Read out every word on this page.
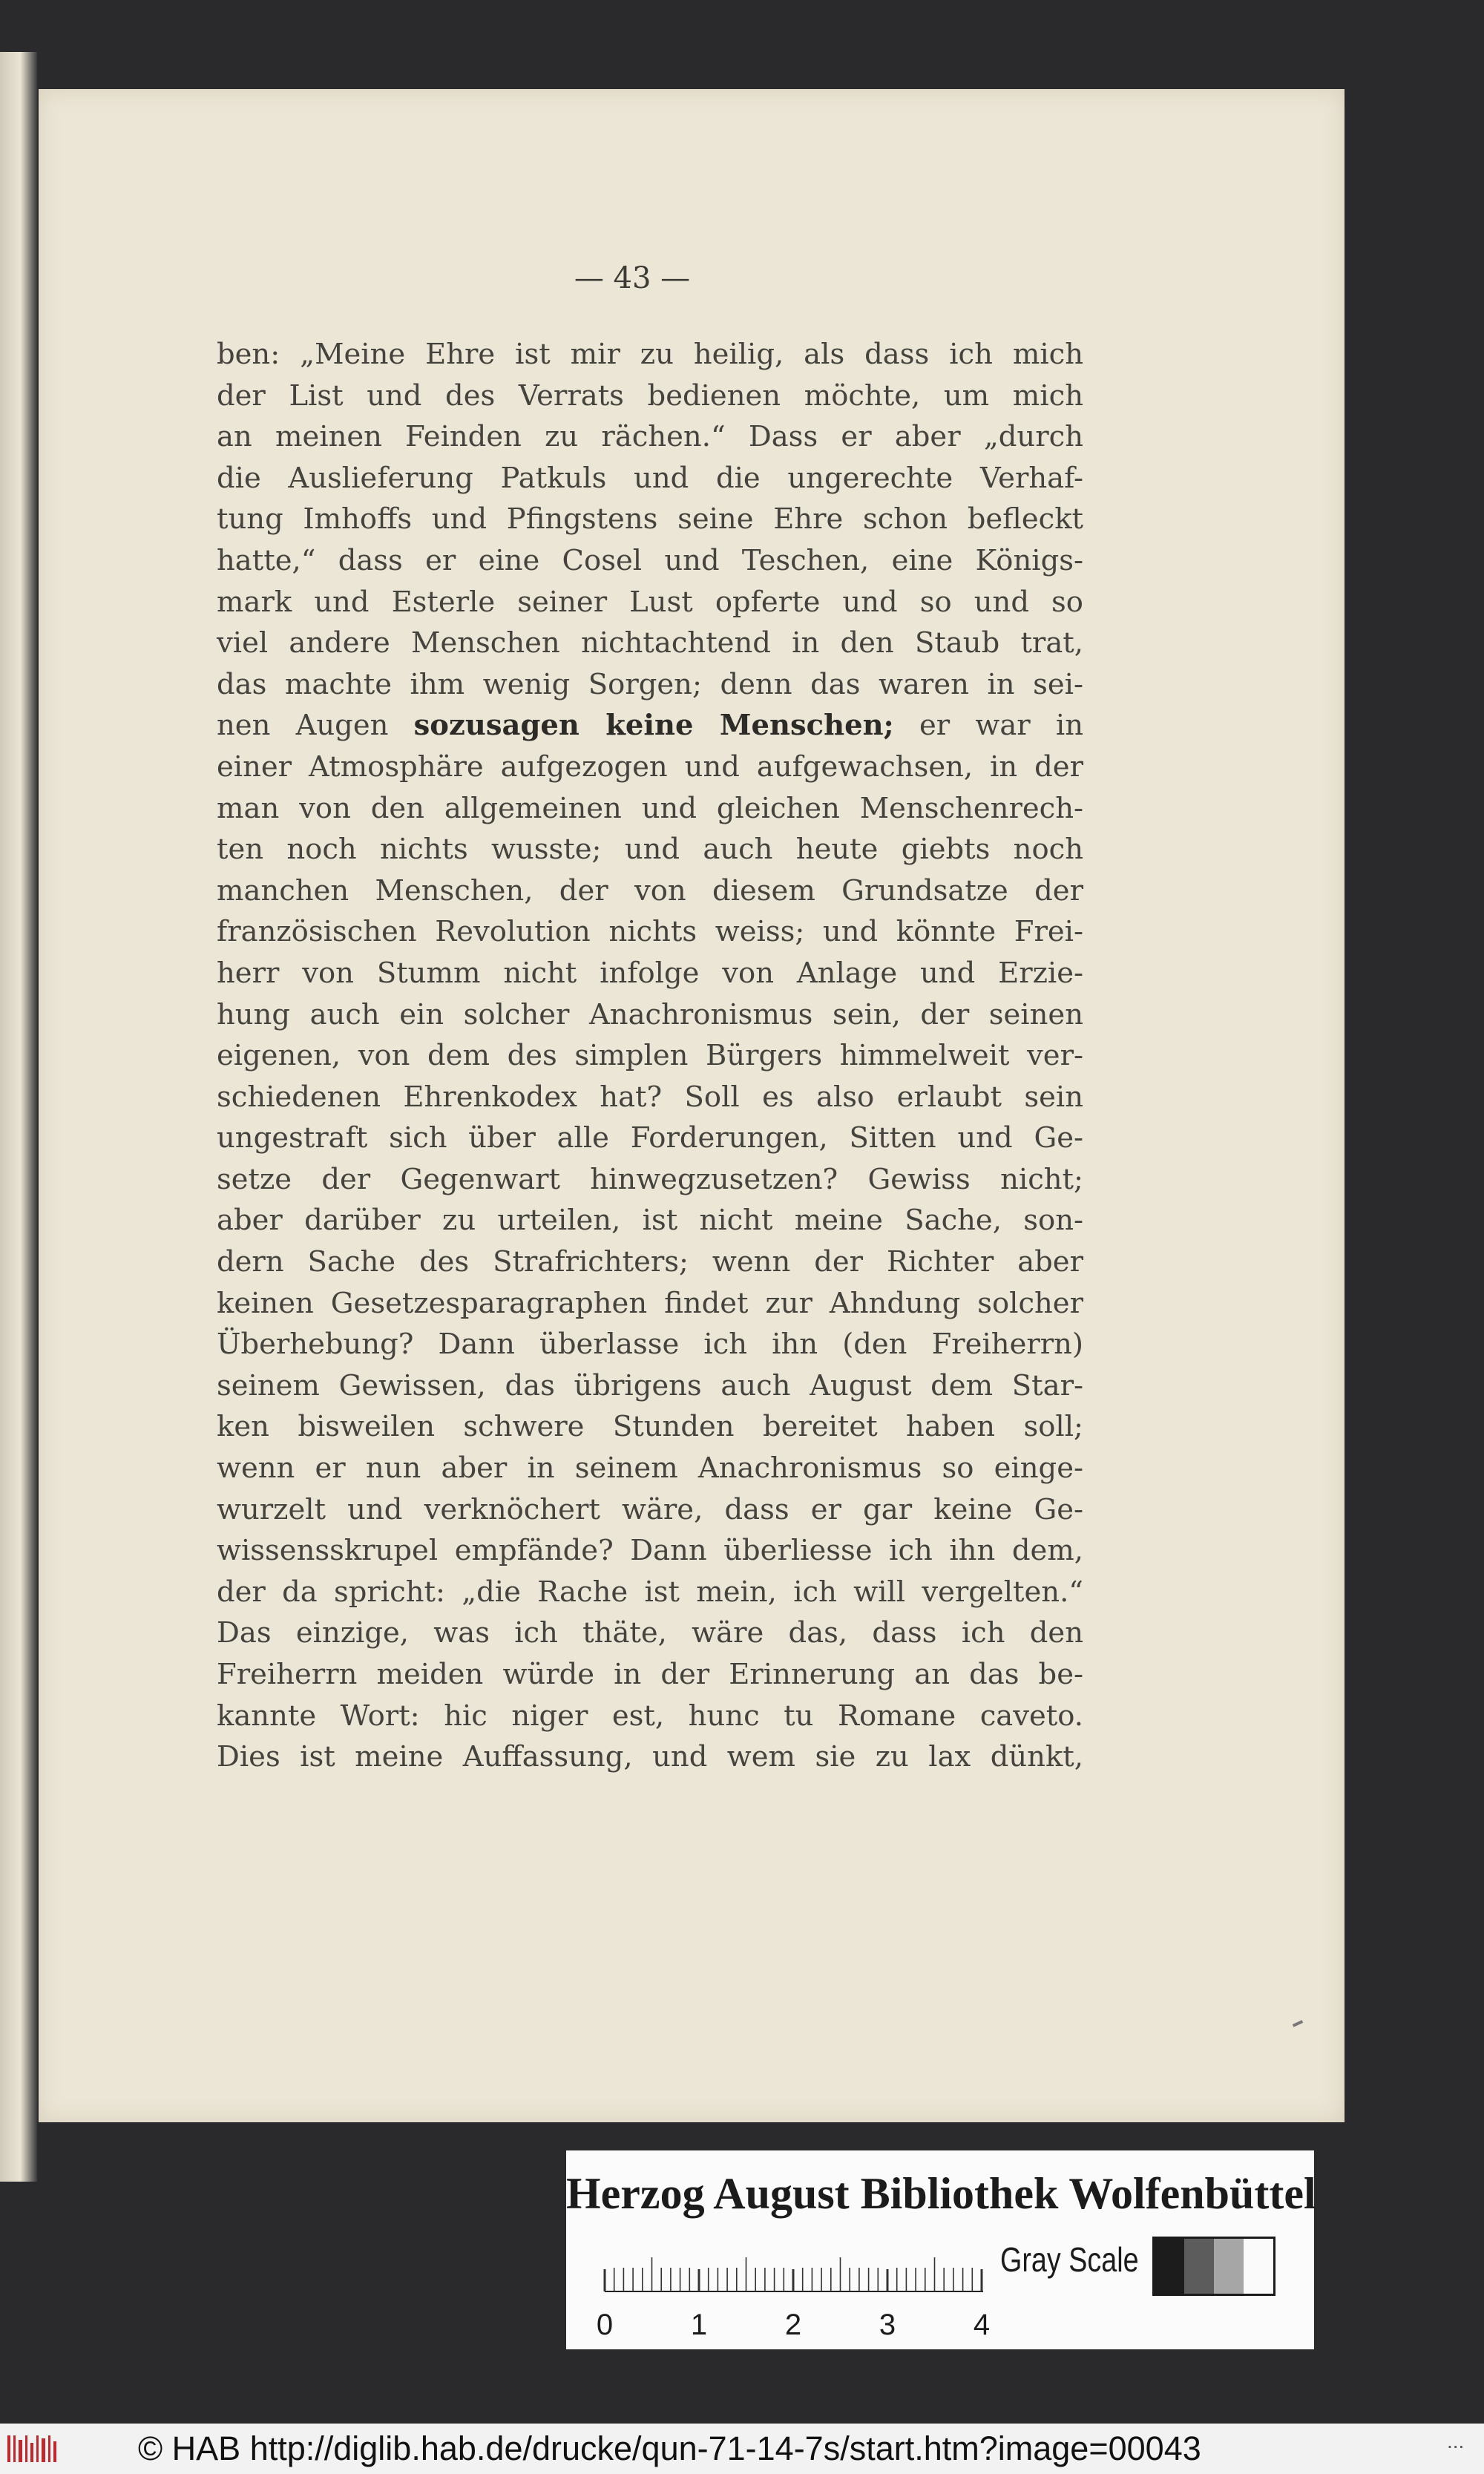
— 43 —
ben: „Meine Ehre ist mir zu heilig, als dass ich mich
der List und des Verrats bedienen möchte, um mich
an meinen Feinden zu rächen.“ Dass er aber „durch
die Auslieferung Patkuls und die ungerechte Verhaf-
tung Imhoffs und Pfingstens seine Ehre schon befleckt
hatte,“ dass er eine Cosel und Teschen, eine Königs-
mark und Esterle seiner Lust opferte und so und so
viel andere Menschen nichtachtend in den Staub trat,
das machte ihm wenig Sorgen; denn das waren in sei-
nen Augen sozusagen keine Menschen; er war in
einer Atmosphäre aufgezogen und aufgewachsen, in der
man von den allgemeinen und gleichen Menschenrech-
ten noch nichts wusste; und auch heute giebts noch
manchen Menschen, der von diesem Grundsatze der
französischen Revolution nichts weiss; und könnte Frei-
herr von Stumm nicht infolge von Anlage und Erzie-
hung auch ein solcher Anachronismus sein, der seinen
eigenen, von dem des simplen Bürgers himmelweit ver-
schiedenen Ehrenkodex hat? Soll es also erlaubt sein
ungestraft sich über alle Forderungen, Sitten und Ge-
setze der Gegenwart hinwegzusetzen? Gewiss nicht;
aber darüber zu urteilen, ist nicht meine Sache, son-
dern Sache des Strafrichters; wenn der Richter aber
keinen Gesetzesparagraphen findet zur Ahndung solcher
Überhebung? Dann überlasse ich ihn (den Freiherrn)
seinem Gewissen, das übrigens auch August dem Star-
ken bisweilen schwere Stunden bereitet haben soll;
wenn er nun aber in seinem Anachronismus so einge-
wurzelt und verknöchert wäre, dass er gar keine Ge-
wissensskrupel empfände? Dann überliesse ich ihn dem,
der da spricht: „die Rache ist mein, ich will vergelten.“
Das einzige, was ich thäte, wäre das, dass ich den
Freiherrn meiden würde in der Erinnerung an das be-
kannte Wort: hic niger est, hunc tu Romane caveto.
Dies ist meine Auffassung, und wem sie zu lax dünkt,
Herzog August Bibliothek Wolfenbüttel
0	1	2	3	4
Gray Scale
© HAB http://diglib.hab.de/drucke/qun-71-14-7s/start.htm?image=00043	...
